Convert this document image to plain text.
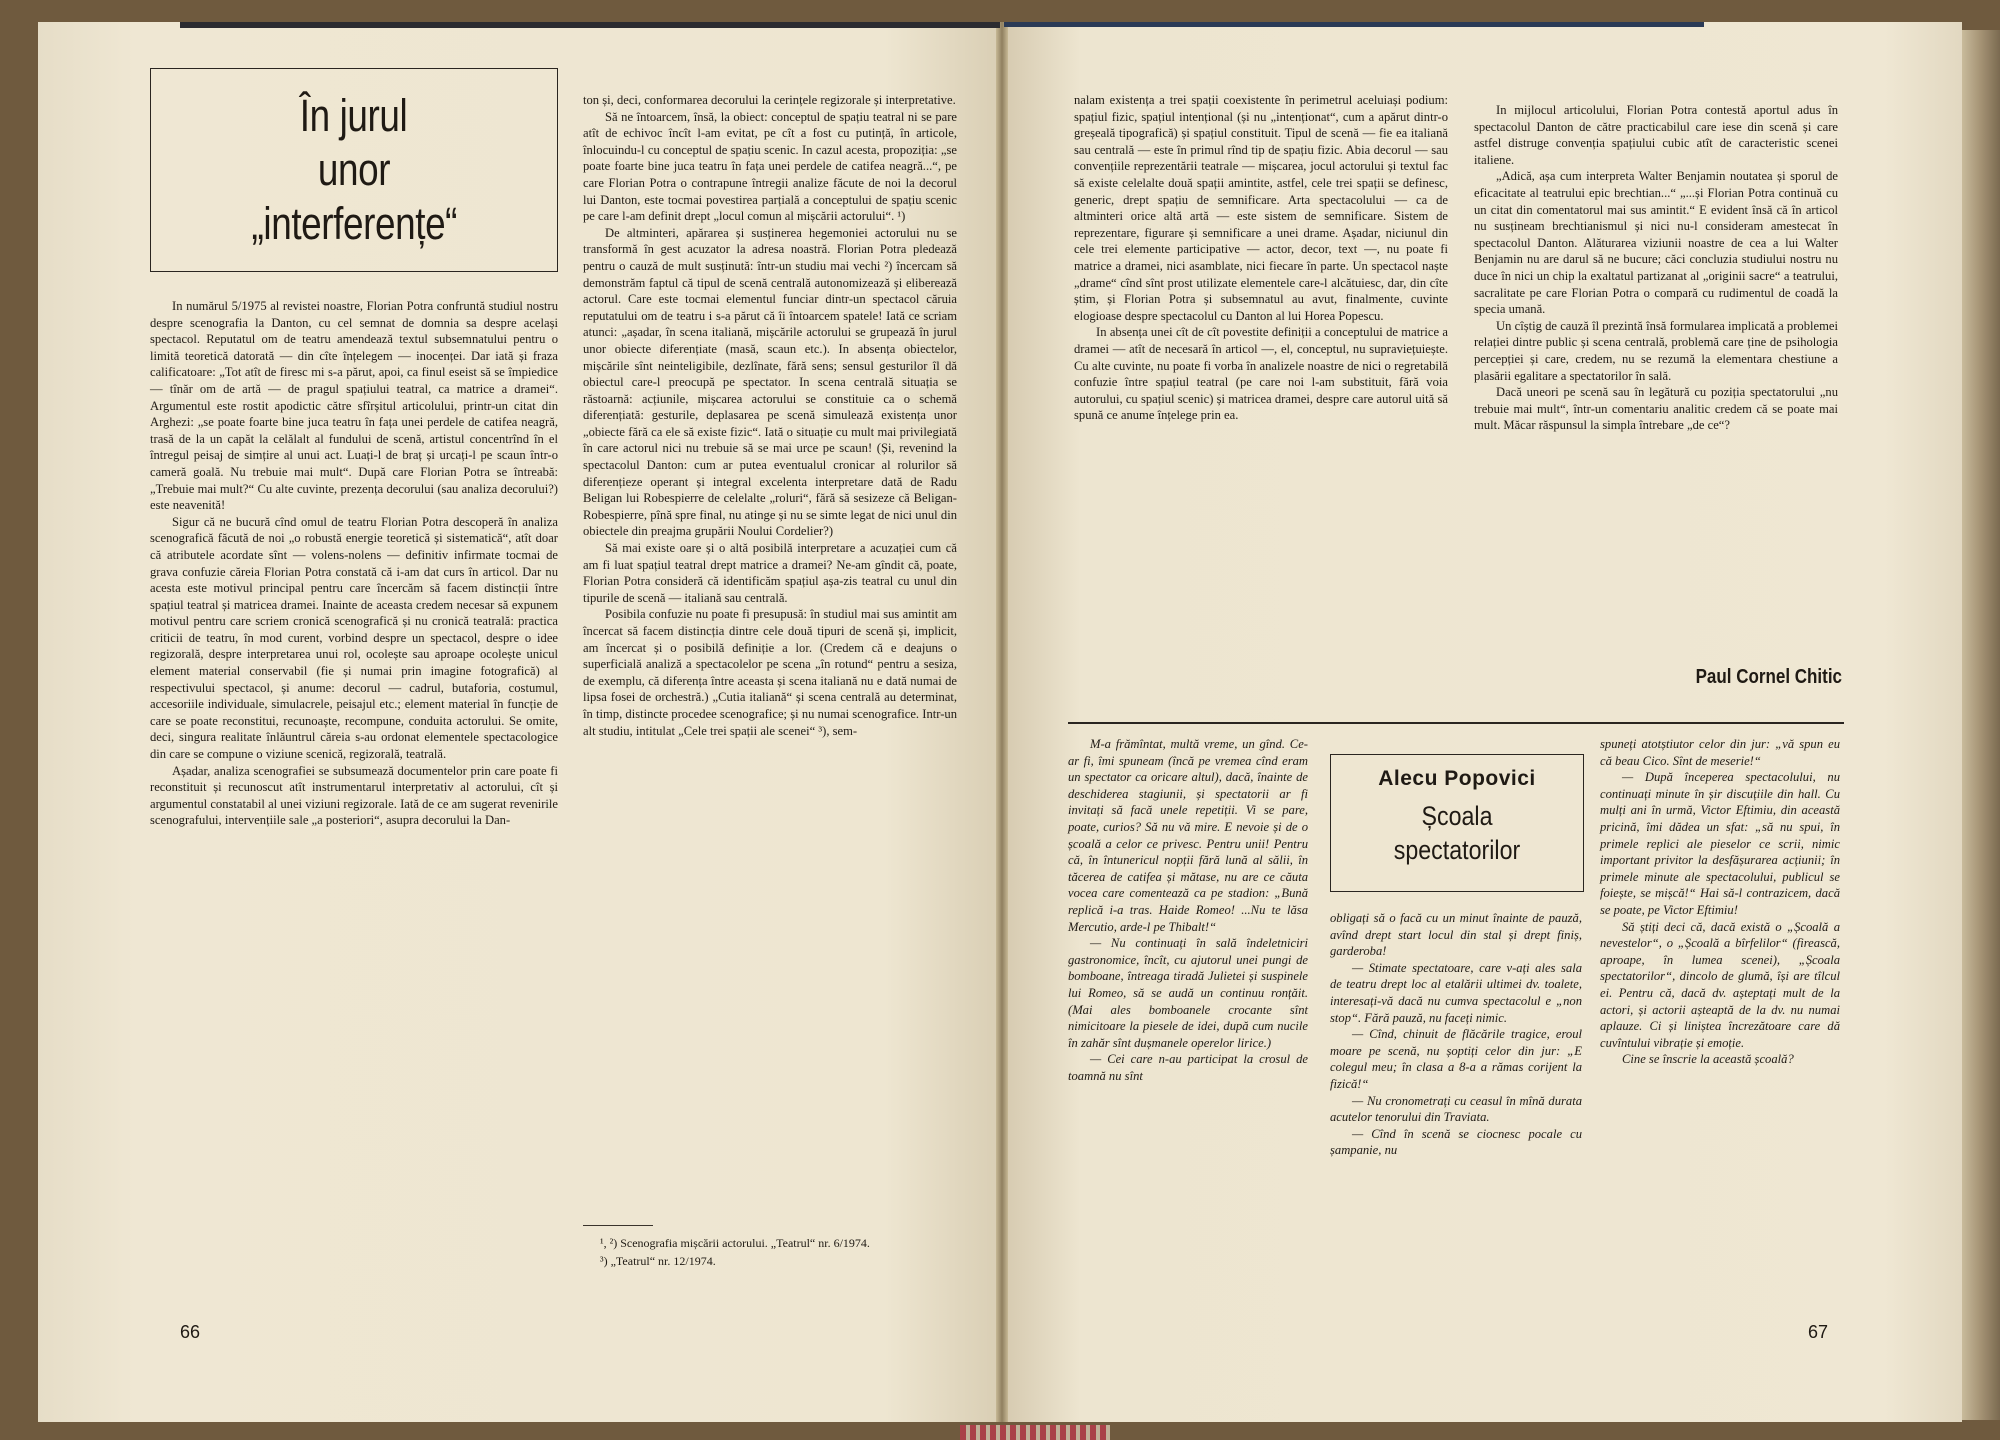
În jurul
unor
„interferențe“

In numărul 5/1975 al revistei noastre, Florian Potra confruntă studiul nostru despre scenografia la Danton, cu cel semnat de domnia sa despre același spectacol. Reputatul om de teatru amendează textul subsemnatului pentru o limită teoretică datorată — din cîte înțelegem — inocenței. Dar iată și fraza calificatoare: „Tot atît de firesc mi s-a părut, apoi, ca finul eseist să se împiedice — tînăr om de artă — de pragul spațiului teatral, ca matrice a dramei“. Argumentul este rostit apodictic către sfîrșitul articolului, printr-un citat din Arghezi: „se poate foarte bine juca teatru în fața unei perdele de catifea neagră, trasă de la un capăt la celălalt al fundului de scenă, artistul concentrînd în el întregul peisaj de simțire al unui act. Luați-l de braț și urcați-l pe scaun într-o cameră goală. Nu trebuie mai mult“. După care Florian Potra se întreabă: „Trebuie mai mult?“ Cu alte cuvinte, prezența decorului (sau analiza decorului?) este neavenită!

Sigur că ne bucură cînd omul de teatru Florian Potra descoperă în analiza scenografică făcută de noi „o robustă energie teoretică și sistematică“, atît doar că atributele acordate sînt — volens-nolens — definitiv infirmate tocmai de grava confuzie căreia Florian Potra constată că i-am dat curs în articol. Dar nu acesta este motivul principal pentru care încercăm să facem distincții între spațiul teatral și matricea dramei. Inainte de aceasta credem necesar să expunem motivul pentru care scriem cronică scenografică și nu cronică teatrală: practica criticii de teatru, în mod curent, vorbind despre un spectacol, despre o idee regizorală, despre interpretarea unui rol, ocolește sau aproape ocolește unicul element material conservabil (fie și numai prin imagine fotografică) al respectivului spectacol, și anume: decorul — cadrul, butaforia, costumul, accesoriile individuale, simulacrele, peisajul etc.; element material în funcție de care se poate reconstitui, recunoaște, recompune, conduita actorului. Se omite, deci, singura realitate înlăuntrul căreia s-au ordonat elementele spectacologice din care se compune o viziune scenică, regizorală, teatrală.

Așadar, analiza scenografiei se subsumează documentelor prin care poate fi reconstituit și recunoscut atît instrumentarul interpretativ al actorului, cît și argumentul constatabil al unei viziuni regizorale. Iată de ce am sugerat revenirile scenografului, intervențiile sale „a posteriori“, asupra decorului la Dan-

ton și, deci, conformarea decorului la cerințele regizorale și interpretative.

Să ne întoarcem, însă, la obiect: conceptul de spațiu teatral ni se pare atît de echivoc încît l-am evitat, pe cît a fost cu putință, în articole, înlocuindu-l cu conceptul de spațiu scenic. In cazul acesta, propoziția: „se poate foarte bine juca teatru în fața unei perdele de catifea neagră...“, pe care Florian Potra o contrapune întregii analize făcute de noi la decorul lui Danton, este tocmai povestirea parțială a conceptului de spațiu scenic pe care l-am definit drept „locul comun al mișcării actorului“. ¹)

De altminteri, apărarea și susținerea hegemoniei actorului nu se transformă în gest acuzator la adresa noastră. Florian Potra pledează pentru o cauză de mult susținută: într-un studiu mai vechi ²) încercam să demonstrăm faptul că tipul de scenă centrală autonomizează și eliberează actorul. Care este tocmai elementul funciar dintr-un spectacol căruia reputatului om de teatru i s-a părut că îi întoarcem spatele! Iată ce scriam atunci: „așadar, în scena italiană, mișcările actorului se grupează în jurul unor obiecte diferențiate (masă, scaun etc.). In absența obiectelor, mișcările sînt neinteligibile, dezlînate, fără sens; sensul gesturilor îl dă obiectul care-l preocupă pe spectator. In scena centrală situația se răstoarnă: acțiunile, mișcarea actorului se constituie ca o schemă diferențiată: gesturile, deplasarea pe scenă simulează existența unor „obiecte fără ca ele să existe fizic“. Iată o situație cu mult mai privilegiată în care actorul nici nu trebuie să se mai urce pe scaun! (Și, revenind la spectacolul Danton: cum ar putea eventualul cronicar al rolurilor să diferențieze operant și integral excelenta interpretare dată de Radu Beligan lui Robespierre de celelalte „roluri“, fără să sesizeze că Beligan-Robespierre, pînă spre final, nu atinge și nu se simte legat de nici unul din obiectele din preajma grupării Noului Cordelier?)

Să mai existe oare și o altă posibilă interpretare a acuzației cum că am fi luat spațiul teatral drept matrice a dramei? Ne-am gîndit că, poate, Florian Potra consideră că identificăm spațiul așa-zis teatral cu unul din tipurile de scenă — italiană sau centrală.

Posibila confuzie nu poate fi presupusă: în studiul mai sus amintit am încercat să facem distincția dintre cele două tipuri de scenă și, implicit, am încercat și o posibilă definiție a lor. (Credem că e deajuns o superficială analiză a spectacolelor pe scena „în rotund“ pentru a sesiza, de exemplu, că diferența între aceasta și scena italiană nu e dată numai de lipsa fosei de orchestră.) „Cutia italiană“ și scena centrală au determinat, în timp, distincte procedee scenografice; și nu numai scenografice. Intr-un alt studiu, intitulat „Cele trei spații ale scenei“ ³), sem-

¹, ²) Scenografia mișcării actorului. „Teatrul“ nr. 6/1974.
³) „Teatrul“ nr. 12/1974.
66

nalam existența a trei spații coexistente în perimetrul aceluiași podium: spațiul fizic, spațiul intențional (și nu „intenționat“, cum a apărut dintr-o greșeală tipografică) și spațiul constituit. Tipul de scenă — fie ea italiană sau centrală — este în primul rînd tip de spațiu fizic. Abia decorul — sau convențiile reprezentării teatrale — mișcarea, jocul actorului și textul fac să existe celelalte două spații amintite, astfel, cele trei spații se definesc, generic, drept spațiu de semnificare. Arta spectacolului — ca de altminteri orice altă artă — este sistem de semnificare. Sistem de reprezentare, figurare și semnificare a unei drame. Așadar, niciunul din cele trei elemente participative — actor, decor, text —, nu poate fi matrice a dramei, nici asamblate, nici fiecare în parte. Un spectacol naște „drame“ cînd sînt prost utilizate elementele care-l alcătuiesc, dar, din cîte știm, și Florian Potra și subsemnatul au avut, finalmente, cuvinte elogioase despre spectacolul cu Danton al lui Horea Popescu.

In absența unei cît de cît povestite definiții a conceptului de matrice a dramei — atît de necesară în articol —, el, conceptul, nu supraviețuiește. Cu alte cuvinte, nu poate fi vorba în analizele noastre de nici o regretabilă confuzie între spațiul teatral (pe care noi l-am substituit, fără voia autorului, cu spațiul scenic) și matricea dramei, despre care autorul uită să spună ce anume înțelege prin ea.

In mijlocul articolului, Florian Potra contestă aportul adus în spectacolul Danton de către practicabilul care iese din scenă și care astfel distruge convenția spațiului cubic atît de caracteristic scenei italiene.

„Adică, așa cum interpreta Walter Benjamin noutatea și sporul de eficacitate al teatrului epic brechtian...“ „...și Florian Potra continuă cu un citat din comentatorul mai sus amintit.“ E evident însă că în articol nu susțineam brechtianismul și nici nu-l consideram amestecat în spectacolul Danton. Alăturarea viziunii noastre de cea a lui Walter Benjamin nu are darul să ne bucure; căci concluzia studiului nostru nu duce în nici un chip la exaltatul partizanat al „originii sacre“ a teatrului, sacralitate pe care Florian Potra o compară cu rudimentul de coadă la specia umană.

Un cîștig de cauză îl prezintă însă formularea implicată a problemei relației dintre public și scena centrală, problemă care ține de psihologia percepției și care, credem, nu se rezumă la elementara chestiune a plasării egalitare a spectatorilor în sală.

Dacă uneori pe scenă sau în legătură cu poziția spectatorului „nu trebuie mai mult“, într-un comentariu analitic credem că se poate mai mult. Măcar răspunsul la simpla întrebare „de ce“?

Paul Cornel Chitic

M-a frămîntat, multă vreme, un gînd. Ce-ar fi, îmi spuneam (încă pe vremea cînd eram un spectator ca oricare altul), dacă, înainte de deschiderea stagiunii, și spectatorii ar fi invitați să facă unele repetiții. Vi se pare, poate, curios? Să nu vă mire. E nevoie și de o școală a celor ce privesc. Pentru unii! Pentru că, în întunericul nopții fără lună al sălii, în tăcerea de catifea și mătase, nu are ce căuta vocea care comentează ca pe stadion: „Bună replică i-a tras. Haide Romeo! ...Nu te lăsa Mercutio, arde-l pe Thibalt!“

— Nu continuați în sală îndeletniciri gastronomice, încît, cu ajutorul unei pungi de bomboane, întreaga tiradă Julietei și suspinele lui Romeo, să se audă un continuu ronțăit. (Mai ales bomboanele crocante sînt nimicitoare la piesele de idei, după cum nucile în zahăr sînt dușmanele operelor lirice.)

— Cei care n-au participat la crosul de toamnă nu sînt

Alecu Popovici
Școala
spectatorilor

obligați să o facă cu un minut înainte de pauză, avînd drept start locul din stal și drept finiș, garderoba!

— Stimate spectatoare, care v-ați ales sala de teatru drept loc al etalării ultimei dv. toalete, interesați-vă dacă nu cumva spectacolul e „non stop“. Fără pauză, nu faceți nimic.

— Cînd, chinuit de flăcările tragice, eroul moare pe scenă, nu șoptiți celor din jur: „E colegul meu; în clasa a 8-a a rămas corijent la fizică!“

— Nu cronometrați cu ceasul în mînă durata acutelor tenorului din Traviata.

— Cînd în scenă se ciocnesc pocale cu șampanie, nu

spuneți atotștiutor celor din jur: „vă spun eu că beau Cico. Sînt de meserie!“

— După începerea spectacolului, nu continuați minute în șir discuțiile din hall. Cu mulți ani în urmă, Victor Eftimiu, din această pricină, îmi dădea un sfat: „să nu spui, în primele replici ale pieselor ce scrii, nimic important privitor la desfășurarea acțiunii; în primele minute ale spectacolului, publicul se foiește, se mișcă!“ Hai să-l contrazicem, dacă se poate, pe Victor Eftimiu!

Să știți deci că, dacă există o „Școală a nevestelor“, o „Școală a bîrfelilor“ (firească, aproape, în lumea scenei), „Școala spectatorilor“, dincolo de glumă, își are tîlcul ei. Pentru că, dacă dv. așteptați mult de la actori, și actorii așteaptă de la dv. nu numai aplauze. Ci și liniștea încrezătoare care dă cuvîntului vibrație și emoție.

Cine se înscrie la această școală?

67
